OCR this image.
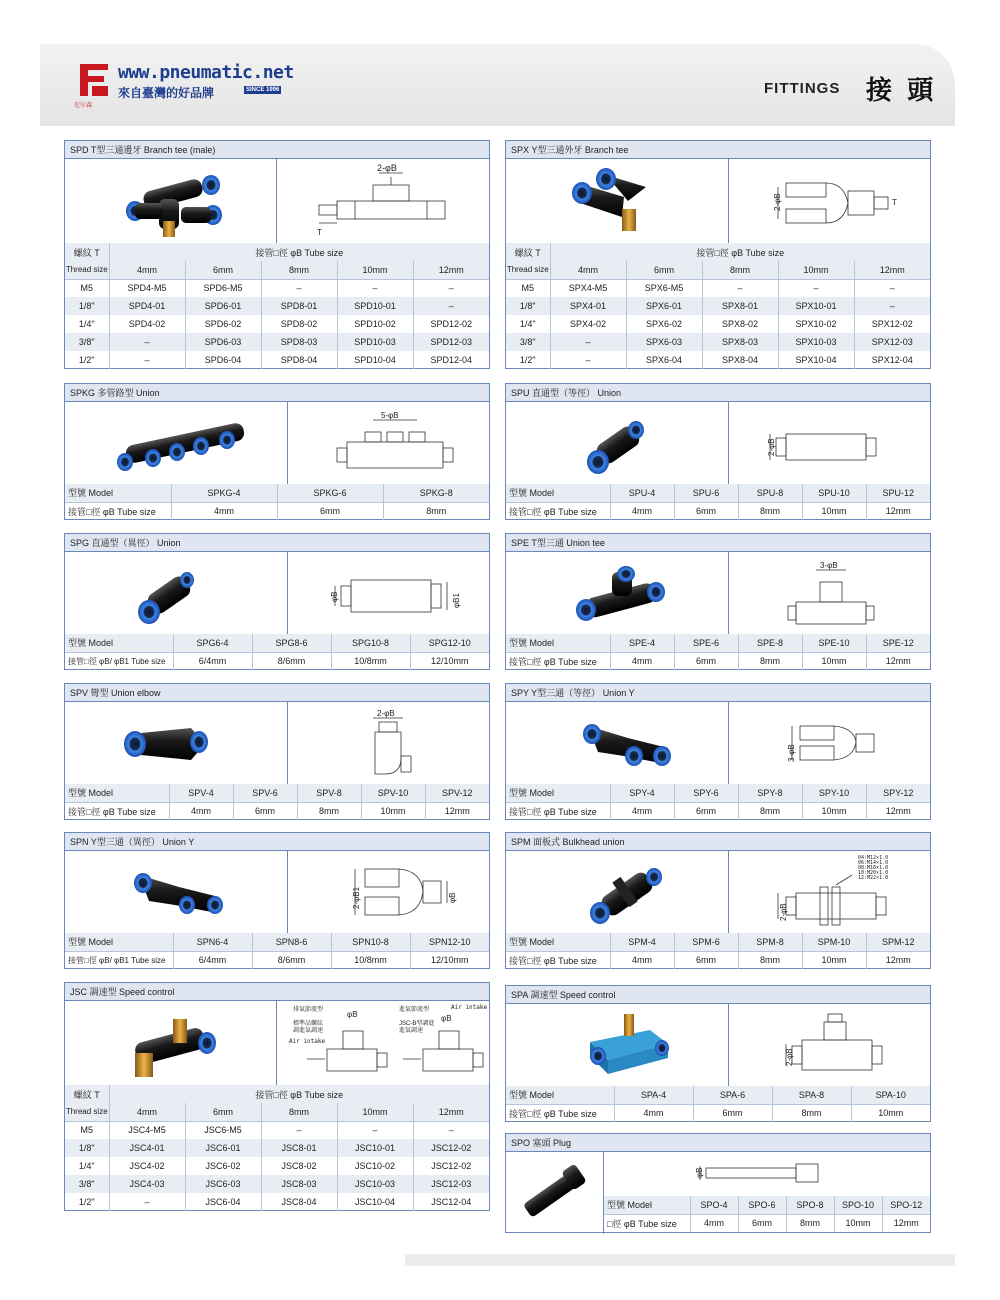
尼尔森
www.pneumatic.net
來自臺灣的好品牌	SINCE 1996	FITTINGS 接 頭
SPD T型三通邊牙 Branch tee (male)
2-φB
T
螺紋 T	接管□徑 φB Tube size				
Thread size	4mm	6mm	8mm	10mm	12mm
M5	SPD4-M5	SPD6-M5	–	–	–
1/8"	SPD4-01	SPD6-01	SPD8-01	SPD10-01	–
1/4"	SPD4-02	SPD6-02	SPD8-02	SPD10-02	SPD12-02
3/8"	–	SPD6-03	SPD8-03	SPD10-03	SPD12-03
1/2"	–	SPD6-04	SPD8-04	SPD10-04	SPD12-04
SPX Y型三通外牙 Branch tee
2-φB	T
螺紋 T	接管□徑 φB Tube size				
Thread size	4mm	6mm	8mm	10mm	12mm
M5	SPX4-M5	SPX6-M5	–	–	–
1/8"	SPX4-01	SPX6-01	SPX8-01	SPX10-01	–
1/4"	SPX4-02	SPX6-02	SPX8-02	SPX10-02	SPX12-02
3/8"	–	SPX6-03	SPX8-03	SPX10-03	SPX12-03
1/2"	–	SPX6-04	SPX8-04	SPX10-04	SPX12-04
SPKG 多管路型 Union
5-φB
型號 Model	SPKG-4	SPKG-6	SPKG-8
接管□徑 φB Tube size	4mm	6mm	8mm
SPU 直通型（等徑） Union
2-φB
型號 Model	SPU-4	SPU-6	SPU-8	SPU-10	SPU-12
接管□徑 φB Tube size	4mm	6mm	8mm	10mm	12mm
SPG 直通型（異徑） Union
φB	φB1
型號 Model	SPG6-4	SPG8-6	SPG10-8	SPG12-10
接管□徑 φB/ φB1 Tube size	6/4mm	8/6mm	10/8mm	12/10mm
SPE T型三通 Union tee
3-φB
型號 Model	SPE-4	SPE-6	SPE-8	SPE-10	SPE-12
接管□徑 φB Tube size	4mm	6mm	8mm	10mm	12mm
SPV 彎型 Union elbow
2-φB
型號 Model	SPV-4	SPV-6	SPV-8	SPV-10	SPV-12
接管□徑 φB Tube size	4mm	6mm	8mm	10mm	12mm
SPY Y型三通（等徑） Union Y
3-φB
型號 Model	SPY-4	SPY-6	SPY-8	SPY-10	SPY-12
接管□徑 φB Tube size	4mm	6mm	8mm	10mm	12mm
SPN Y型三通（異徑） Union Y
2-φB1	φB
型號 Model	SPN6-4	SPN8-6	SPN10-8	SPN12-10
接管□徑 φB/ φB1 Tube size	6/4mm	8/6mm	10/8mm	12/10mm
SPM 面板式 Bulkhead union
2-φB
04:M12×1.0
06:M14×1.0
08:M16×1.0
10:M20×1.0
12:M22×1.0
型號 Model	SPM-4	SPM-6	SPM-8	SPM-10	SPM-12
接管□徑 φB Tube size	4mm	6mm	8mm	10mm	12mm
JSC 調速型 Speed control
排氣節流型
標準品螺紋
調進氣調速
Air intake
進氣節流型
JSC-B型調進
進氣調速
Air intake
φB	φB
螺紋 T	接管□徑 φB Tube size				
Thread size	4mm	6mm	8mm	10mm	12mm
M5	JSC4-M5	JSC6-M5	–	–	–
1/8"	JSC4-01	JSC6-01	JSC8-01	JSC10-01	JSC12-02
1/4"	JSC4-02	JSC6-02	JSC8-02	JSC10-02	JSC12-02
3/8"	JSC4-03	JSC6-03	JSC8-03	JSC10-03	JSC12-03
1/2"	–	JSC6-04	JSC8-04	JSC10-04	JSC12-04
SPA 調速型 Speed control
2-φB
型號 Model	SPA-4	SPA-6	SPA-8	SPA-10
接管□徑 φB Tube size	4mm	6mm	8mm	10mm
SPO 塞頭 Plug
φB
型號 Model	SPO-4	SPO-6	SPO-8	SPO-10	SPO-12
□徑 φB Tube size	4mm	6mm	8mm	10mm	12mm
